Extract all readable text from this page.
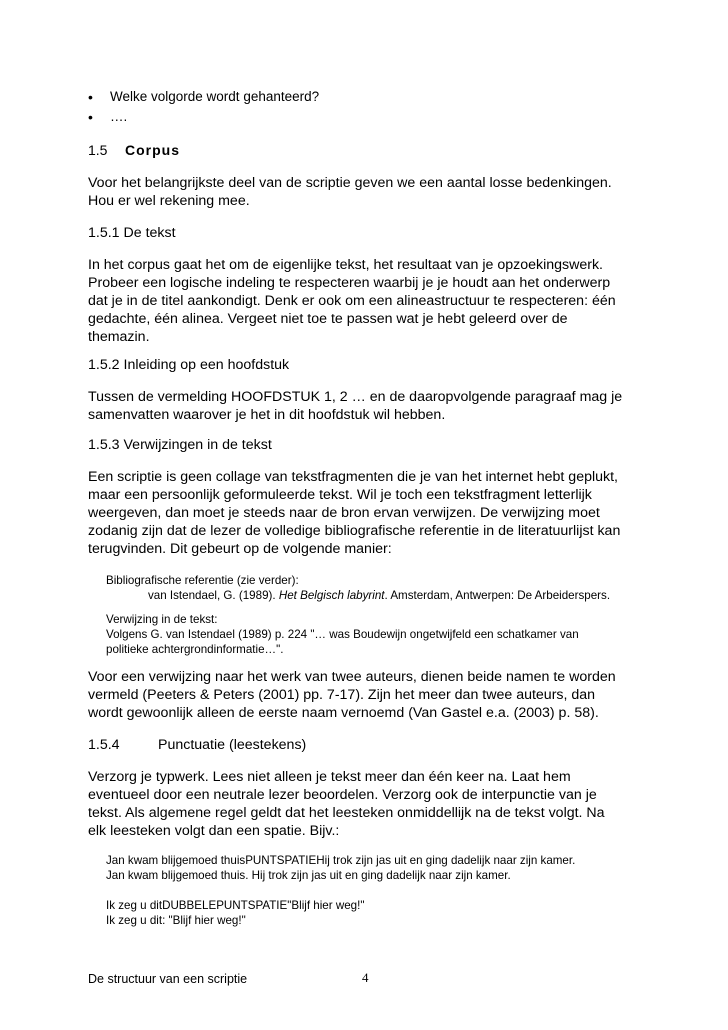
• Welke volgorde wordt gehanteerd?
• ….
1.5 Corpus
Voor het belangrijkste deel van de scriptie geven we een aantal losse bedenkingen.
Hou er wel rekening mee.
1.5.1 De tekst
In het corpus gaat het om de eigenlijke tekst, het resultaat van je opzoekingswerk.
Probeer een logische indeling te respecteren waarbij je je houdt aan het onderwerp
dat je in de titel aankondigt. Denk er ook om een alineastructuur te respecteren: één
gedachte, één alinea. Vergeet niet toe te passen wat je hebt geleerd over de
themazin.
1.5.2 Inleiding op een hoofdstuk
Tussen de vermelding HOOFDSTUK 1, 2 … en de daaropvolgende paragraaf mag je
samenvatten waarover je het in dit hoofdstuk wil hebben.
1.5.3 Verwijzingen in de tekst
Een scriptie is geen collage van tekstfragmenten die je van het internet hebt geplukt,
maar een persoonlijk geformuleerde tekst. Wil je toch een tekstfragment letterlijk
weergeven, dan moet je steeds naar de bron ervan verwijzen. De verwijzing moet
zodanig zijn dat de lezer de volledige bibliografische referentie in de literatuurlijst kan
terugvinden. Dit gebeurt op de volgende manier:
Bibliografische referentie (zie verder):
van Istendael, G. (1989). Het Belgisch labyrint. Amsterdam, Antwerpen: De Arbeiderspers.
Verwijzing in de tekst:
Volgens G. van Istendael (1989) p. 224 "… was Boudewijn ongetwijfeld een schatkamer van
politieke achtergrondinformatie…".
Voor een verwijzing naar het werk van twee auteurs, dienen beide namen te worden
vermeld (Peeters & Peters (2001) pp. 7-17). Zijn het meer dan twee auteurs, dan
wordt gewoonlijk alleen de eerste naam vernoemd (Van Gastel e.a. (2003) p. 58).
1.5.4	Punctuatie (leestekens)
Verzorg je typwerk. Lees niet alleen je tekst meer dan één keer na. Laat hem
eventueel door een neutrale lezer beoordelen. Verzorg ook de interpunctie van je
tekst. Als algemene regel geldt dat het leesteken onmiddellijk na de tekst volgt. Na
elk leesteken volgt dan een spatie. Bijv.:
Jan kwam blijgemoed thuisPUNTSPATIEHij trok zijn jas uit en ging dadelijk naar zijn kamer.
Jan kwam blijgemoed thuis. Hij trok zijn jas uit en ging dadelijk naar zijn kamer.
Ik zeg u ditDUBBELEPUNTSPATIE"Blijf hier weg!"
Ik zeg u dit: "Blijf hier weg!"
De structuur van een scriptie	4
